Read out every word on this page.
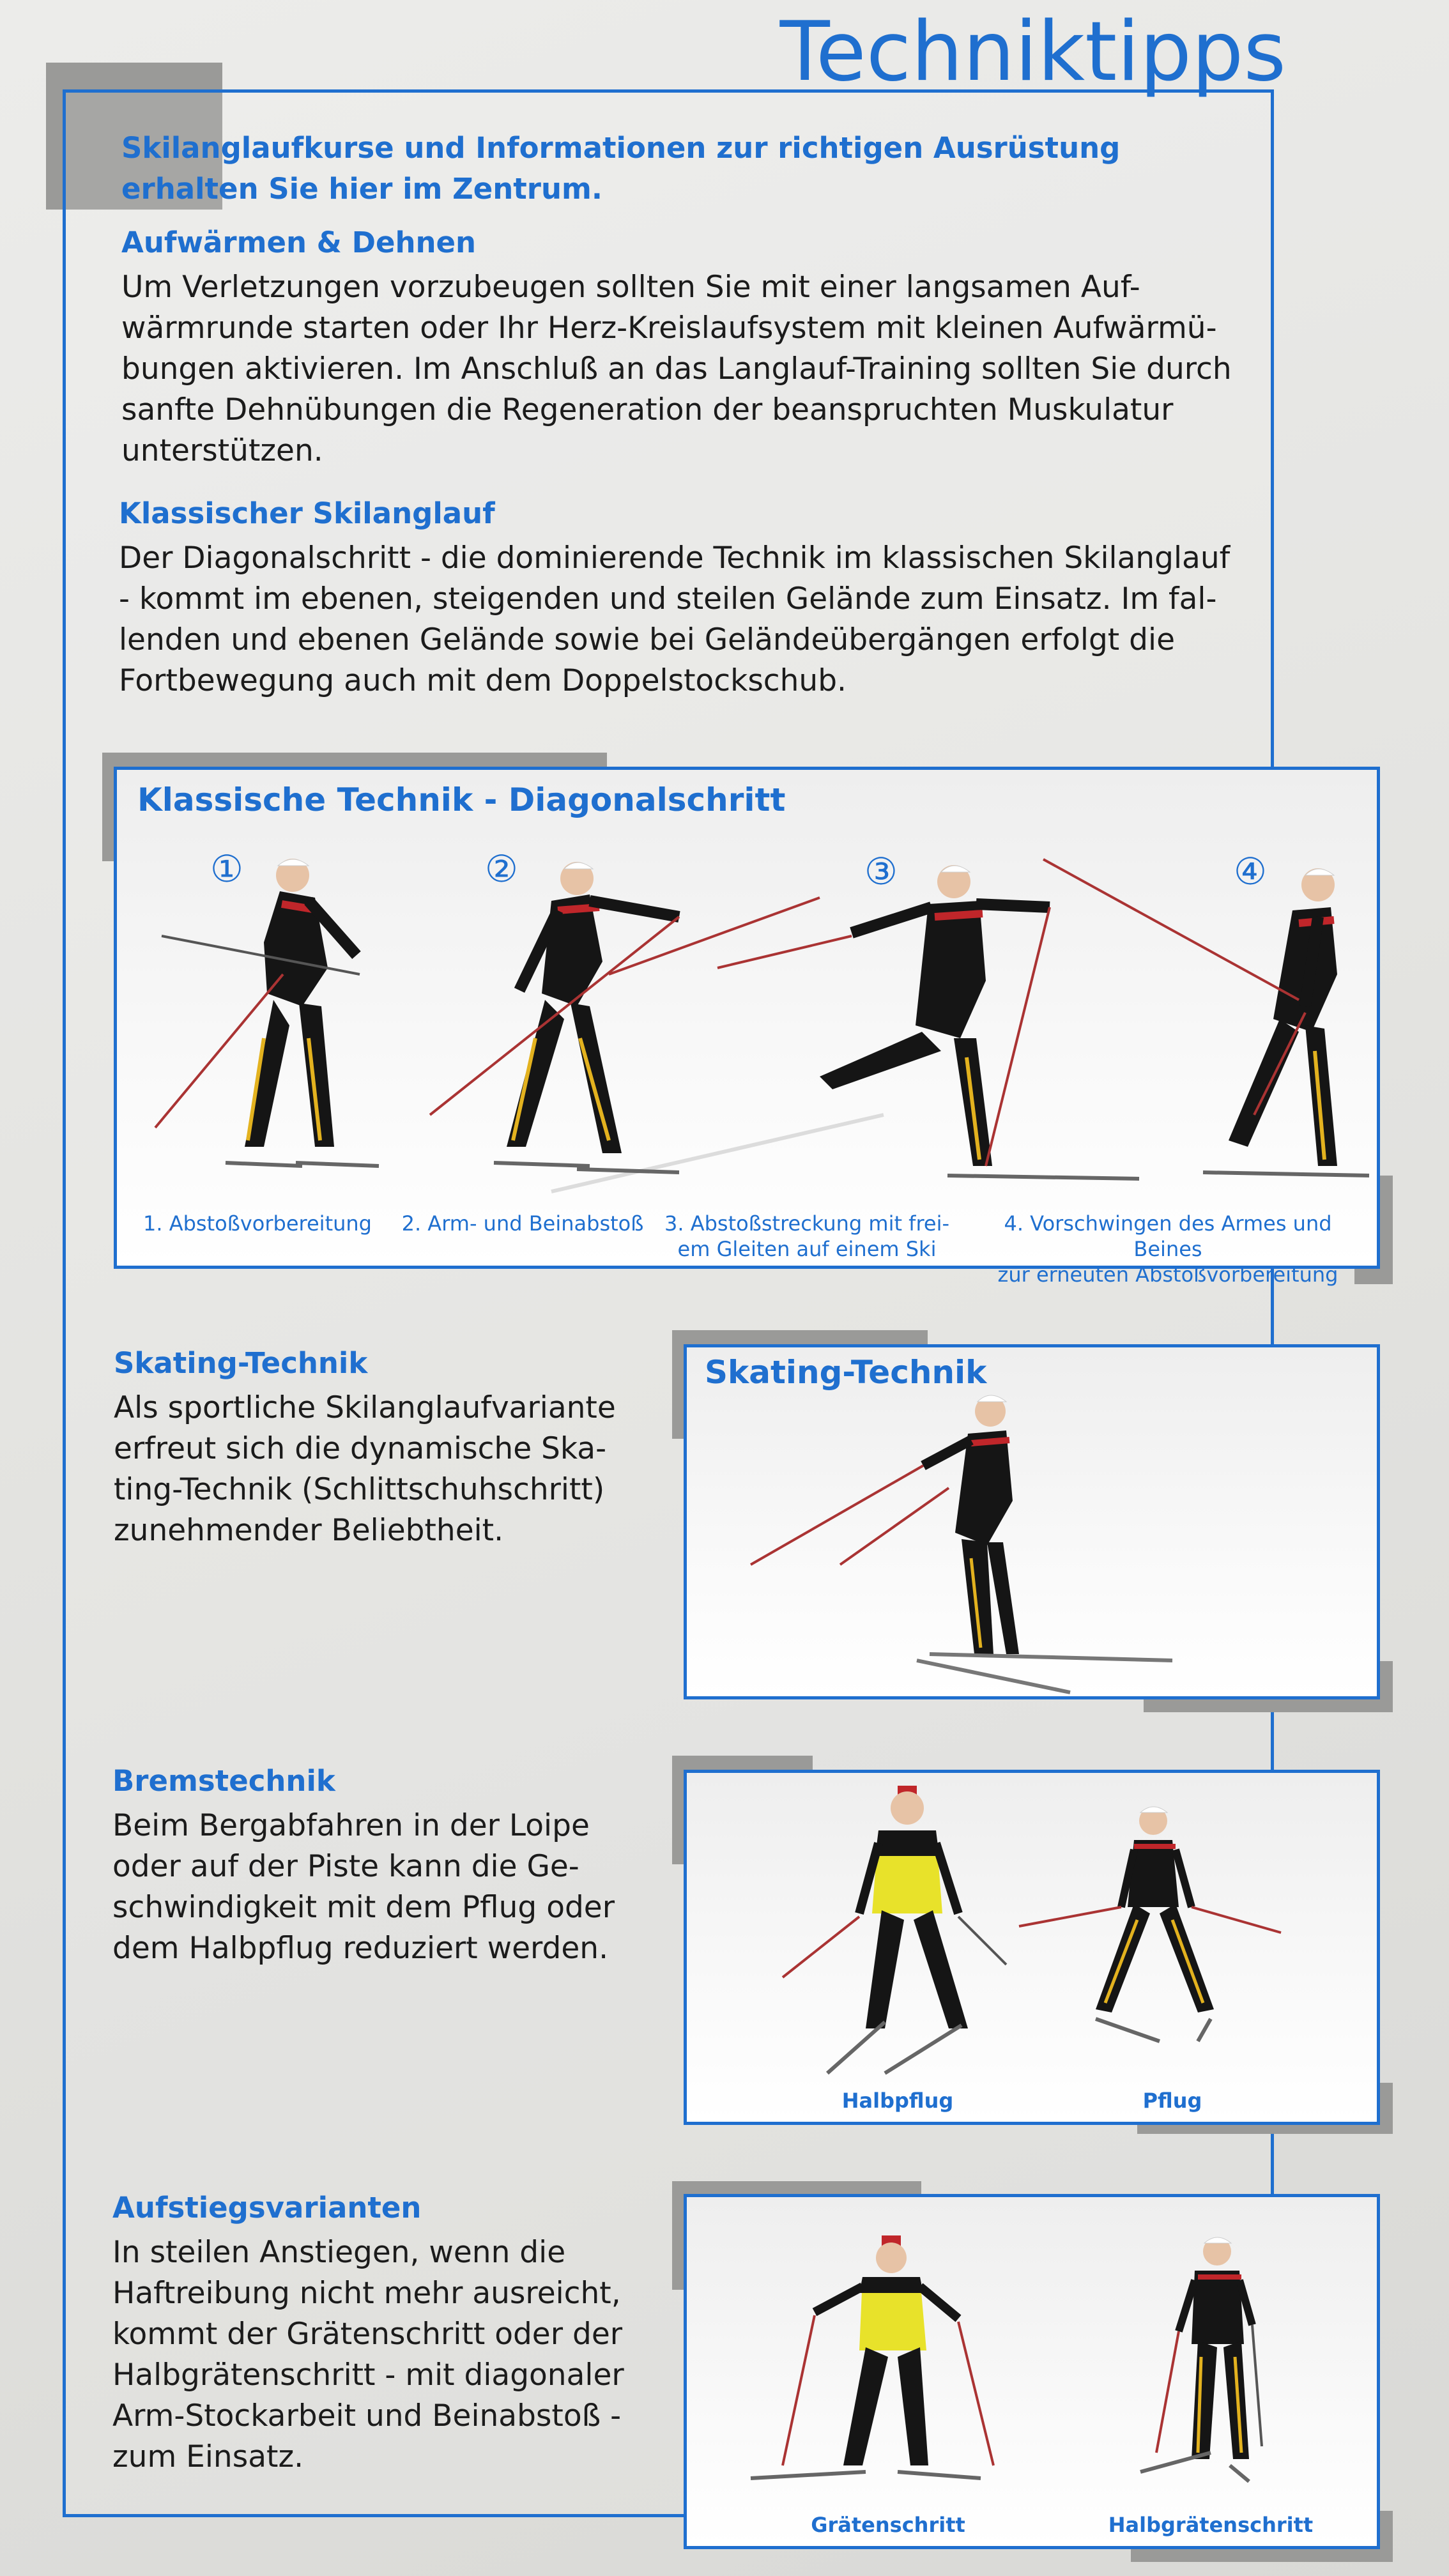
Techniktipps

Skilanglaufkurse und Informationen zur richtigen Ausrüstung erhalten Sie hier im Zentrum.

Aufwärmen & Dehnen

Um Verletzungen vorzubeugen sollten Sie mit einer langsamen Auf-

wärmrunde starten oder Ihr Herz-Kreislaufsystem mit kleinen Aufwärmü-

bungen aktivieren. Im Anschluß an das Langlauf-Training sollten Sie durch

sanfte Dehnübungen die Regeneration der beanspruchten Muskulatur

unterstützen.

Klassischer Skilanglauf

Der Diagonalschritt - die dominierende Technik im klassischen Skilanglauf

- kommt im ebenen, steigenden und steilen Gelände zum Einsatz. Im fal-

lenden und ebenen Gelände sowie bei Geländeübergängen erfolgt die

Fortbewegung auch mit dem Doppelstockschub.

Klassische Technik - Diagonalschritt
①	②	③	④
1. Abstoßvorbereitung	2. Arm- und Beinabstoß	3. Abstoßstreckung mit frei-
em Gleiten auf einem Ski
4. Vorschwingen des Armes und Beines
zur erneuten Abstoßvorbereitung
Skating-Technik

Als sportliche Skilanglaufvariante

erfreut sich die dynamische Ska-

ting-Technik (Schlittschuhschritt)

zunehmender Beliebtheit.

Skating-Technik
Bremstechnik

Beim Bergabfahren in der Loipe

oder auf der Piste kann die Ge-

schwindigkeit mit dem Pflug oder

dem Halbpflug reduziert werden.

Halbpflug	Pflug
Aufstiegsvarianten

In steilen Anstiegen, wenn die

Haftreibung nicht mehr ausreicht,

kommt der Grätenschritt oder der

Halbgrätenschritt - mit diagonaler

Arm-Stockarbeit und Beinabstoß -

zum Einsatz.

Grätenschritt	Halbgrätenschritt
